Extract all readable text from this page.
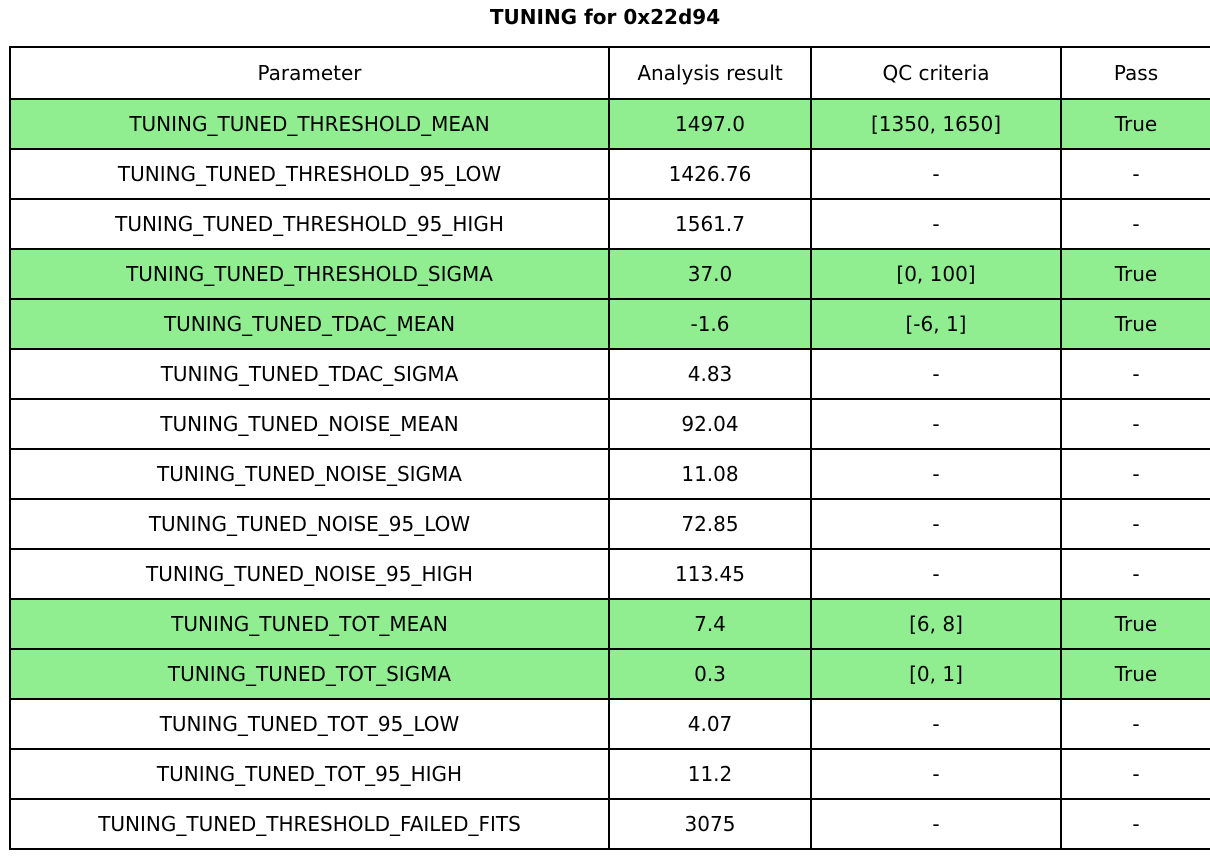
TUNING for 0x22d94
Parameter	Analysis result	QC criteria	Pass
TUNING_TUNED_THRESHOLD_MEAN	1497.0	[1350, 1650]	True
TUNING_TUNED_THRESHOLD_95_LOW	1426.76	-	-
TUNING_TUNED_THRESHOLD_95_HIGH	1561.7	-	-
TUNING_TUNED_THRESHOLD_SIGMA	37.0	[0, 100]	True
TUNING_TUNED_TDAC_MEAN	-1.6	[-6, 1]	True
TUNING_TUNED_TDAC_SIGMA	4.83	-	-
TUNING_TUNED_NOISE_MEAN	92.04	-	-
TUNING_TUNED_NOISE_SIGMA	11.08	-	-
TUNING_TUNED_NOISE_95_LOW	72.85	-	-
TUNING_TUNED_NOISE_95_HIGH	113.45	-	-
TUNING_TUNED_TOT_MEAN	7.4	[6, 8]	True
TUNING_TUNED_TOT_SIGMA	0.3	[0, 1]	True
TUNING_TUNED_TOT_95_LOW	4.07	-	-
TUNING_TUNED_TOT_95_HIGH	11.2	-	-
TUNING_TUNED_THRESHOLD_FAILED_FITS	3075	-	-
